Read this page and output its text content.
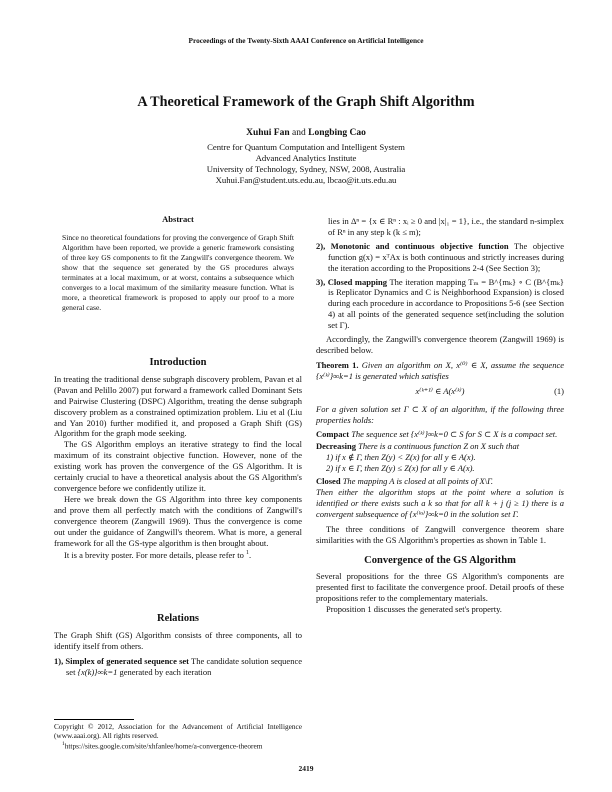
Proceedings of the Twenty-Sixth AAAI Conference on Artificial Intelligence
A Theoretical Framework of the Graph Shift Algorithm
Xuhui Fan and Longbing Cao
Centre for Quantum Computation and Intelligent System
Advanced Analytics Institute
University of Technology, Sydney, NSW, 2008, Australia
Xuhui.Fan@student.uts.edu.au, lbcao@it.uts.edu.au
Abstract

Since no theoretical foundations for proving the convergence of Graph Shift Algorithm have been reported, we provide a generic framework consisting of three key GS components to fit the Zangwill's convergence theorem. We show that the sequence set generated by the GS procedures always terminates at a local maximum, or at worst, contains a subsequence which converges to a local maximum of the similarity measure function. What is more, a theoretical framework is proposed to apply our proof to a more general case.

Introduction

In treating the traditional dense subgraph discovery problem, Pavan et al (Pavan and Pelillo 2007) put forward a framework called Dominant Sets and Pairwise Clustering (DSPC) Algorithm, treating the dense subgraph discovery problem as a constrained optimization problem. Liu et al (Liu and Yan 2010) further modified it, and proposed a Graph Shift (GS) Algorithm for the graph mode seeking.

The GS Algorithm employs an iterative strategy to find the local maximum of its constraint objective function. However, none of the existing work has proven the convergence of the GS Algorithm. It is certainly crucial to have a theoretical analysis about the GS Algorithm's convergence before we confidently utilize it.

Here we break down the GS Algorithm into three key components and prove them all perfectly match with the conditions of Zangwill's convergence theorem (Zangwill 1969). Thus the convergence is come out under the guidance of Zangwill's theorem. What is more, a general framework for all the GS-type algorithm is then brought about.

It is a brevity poster. For more details, please refer to $^1$.

Relations

The Graph Shift (GS) Algorithm consists of three components, all to identify itself from others.

1), Simplex of generated sequence set The candidate solution sequence set {x(k)}∞k=1 generated by each iteration

Copyright © 2012, Association for the Advancement of Artificial Intelligence (www.aaai.org). All rights reserved.

$^1$https://sites.google.com/site/xhfanlee/home/a-convergence-theorem

lies in Δⁿ = {x ∈ Rⁿ : xᵢ ≥ 0 and |x|₁ = 1}, i.e., the standard n-simplex of Rⁿ in any step k (k ≤ m);

2), Monotonic and continuous objective function The objective function g(x) = xᵀAx is both continuous and strictly increases during the iteration according to the Propositions 2-4 (See Section 3);

3), Closed mapping The iteration mapping Tₘ = B^{mₖ} ∘ C (B^{mₖ} is Replicator Dynamics and C is Neighborhood Expansion) is closed during each procedure in accordance to Propositions 5-6 (see Section 4) at all points of the generated sequence set(including the solution set Γ).

Accordingly, the Zangwill's convergence theorem (Zangwill 1969) is described below.

Theorem 1. Given an algorithm on X, x⁽⁰⁾ ∈ X, assume the sequence {x⁽ᵏ⁾}∞k=1 is generated which satisfies

x⁽ᵏ⁺¹⁾ ∈ A(x⁽ᵏ⁾)	(1)

For a given solution set Γ ⊂ X of an algorithm, if the following three properties holds:

Compact The sequence set {x⁽ᵏ⁾}∞k=0 ⊂ S for S ⊂ X is a compact set.
Decreasing There is a continuous function Z on X such that

1) if x ∉ Γ, then Z(y) < Z(x) for all y ∈ A(x).

2) if x ∈ Γ, then Z(y) ≤ Z(x) for all y ∈ A(x).

Closed The mapping A is closed at all points of X\Γ.

Then either the algorithm stops at the point where a solution is identified or there exists such a k so that for all k + j (j ≥ 1) there is a convergent subsequence of {x⁽ᵏˢ⁾}∞k=0 in the solution set Γ.

The three conditions of Zangwill convergence theorem share similarities with the GS Algorithm's properties as shown in Table 1.

Convergence of the GS Algorithm

Several propositions for the three GS Algorithm's components are presented first to facilitate the convergence proof. Detail proofs of these propositions refer to the complementary materials.

Proposition 1 discusses the generated set's property.

2419
